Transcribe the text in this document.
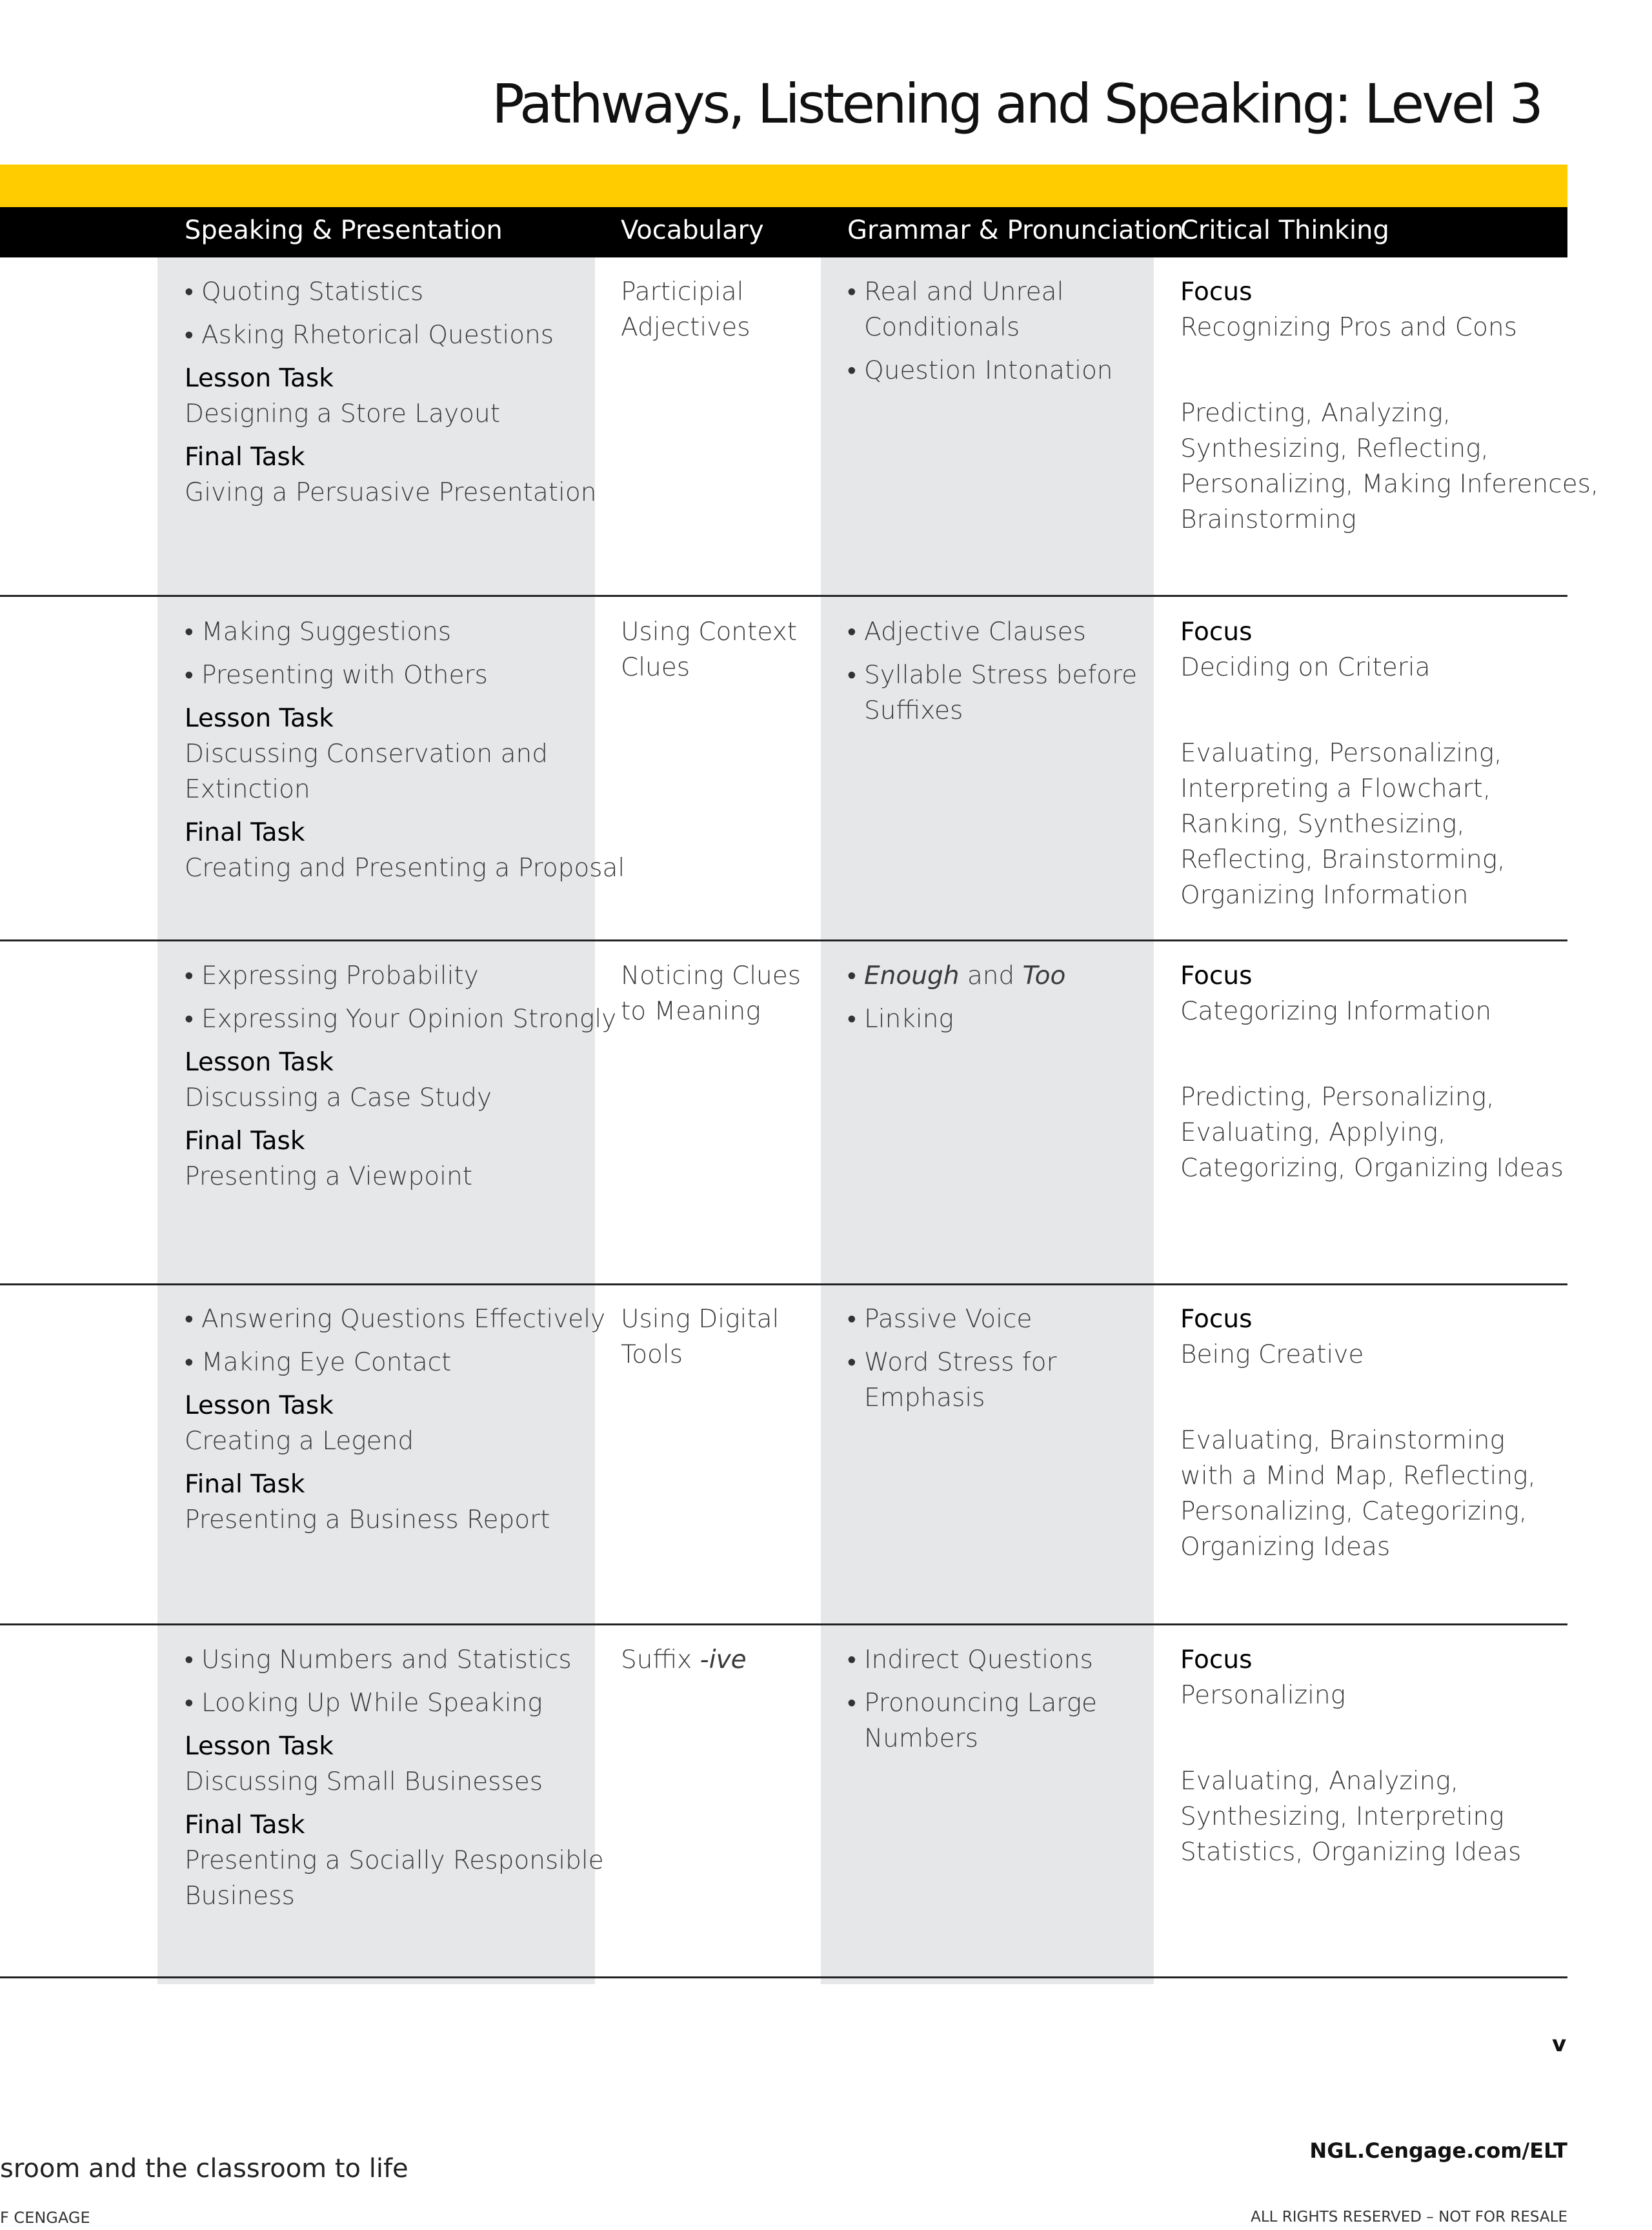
Pathways, Listening and Speaking: Level 3
Speaking & Presentation	Vocabulary	Grammar & Pronunciation
Critical Thinking
• Quoting Statistics
• Asking Rhetorical Questions
Lesson Task
Designing a Store Layout
Final Task
Giving a Persuasive Presentation
Participial
Adjectives
• Real and Unreal
Conditionals
• Question Intonation
Focus
Recognizing Pros and Cons
Predicting, Analyzing,
Synthesizing, Reflecting,
Personalizing, Making Inferences,
Brainstorming
• Making Suggestions
• Presenting with Others
Lesson Task
Discussing Conservation and
Extinction
Final Task
Creating and Presenting a Proposal
Using Context
Clues
• Adjective Clauses
• Syllable Stress before
Suffixes
Focus
Deciding on Criteria
Evaluating, Personalizing,
Interpreting a Flowchart,
Ranking, Synthesizing,
Reflecting, Brainstorming,
Organizing Information
• Expressing Probability
• Expressing Your Opinion Strongly
Lesson Task
Discussing a Case Study
Final Task
Presenting a Viewpoint
Noticing Clues
to Meaning
• Enough and Too
• Linking
Focus
Categorizing Information
Predicting, Personalizing,
Evaluating, Applying,
Categorizing, Organizing Ideas
• Answering Questions Effectively
• Making Eye Contact
Lesson Task
Creating a Legend
Final Task
Presenting a Business Report
Using Digital
Tools
• Passive Voice
• Word Stress for
Emphasis
Focus
Being Creative
Evaluating, Brainstorming
with a Mind Map, Reflecting,
Personalizing, Categorizing,
Organizing Ideas
• Using Numbers and Statistics
• Looking Up While Speaking
Lesson Task
Discussing Small Businesses
Final Task
Presenting a Socially Responsible
Business
Suffix -ive
•	Indirect Questions
• Pronouncing Large
Numbers
Focus
Personalizing
Evaluating, Analyzing,
Synthesizing, Interpreting
Statistics, Organizing Ideas
v
sroom and the classroom to life
F CENGAGE
NGL.Cengage.com/ELT
ALL RIGHTS RESERVED – NOT FOR RESALE
